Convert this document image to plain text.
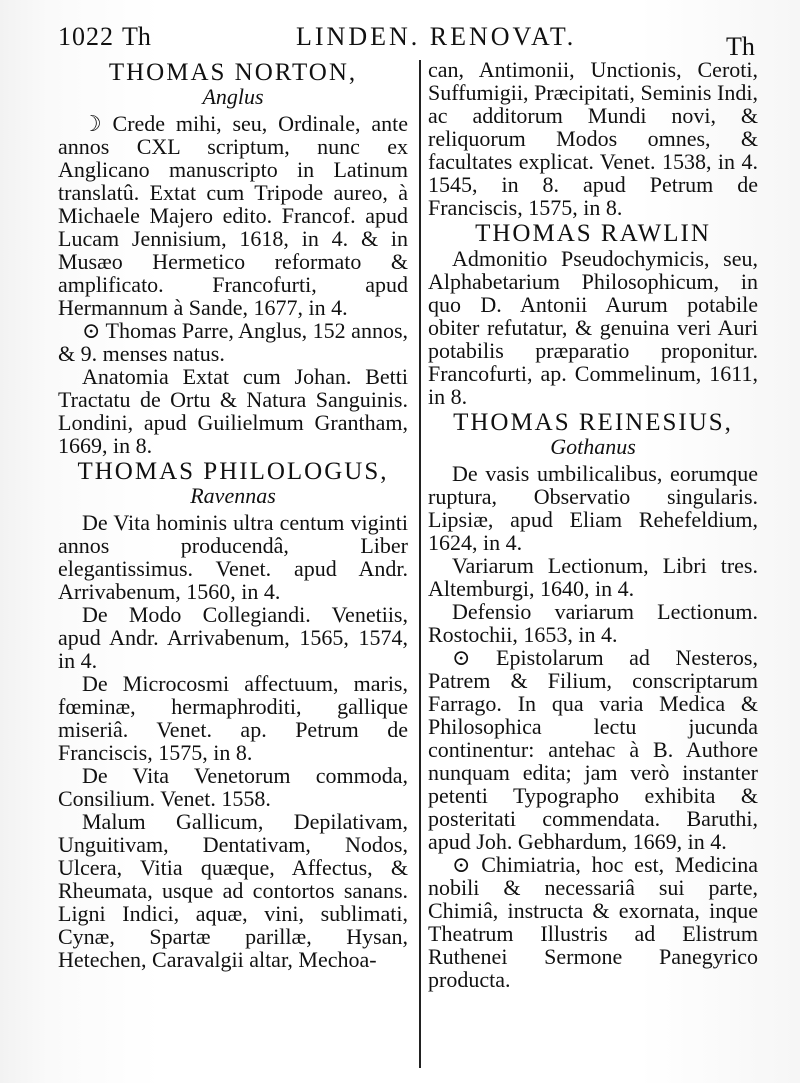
1022 Th	LINDEN. RENOVAT.	Th
THOMAS NORTON,
Anglus

☽ Crede mihi, seu, Ordinale, ante annos CXL scriptum, nunc ex Anglicano manuscripto in Latinum translatû. Extat cum Tripode aureo, à Michaele Majero edito. Francof. apud Lucam Jennisium, 1618, in 4. & in Musæo Hermetico reformato & amplificato. Francofurti, apud Hermannum à Sande, 1677, in 4.

⊙ Thomas Parre, Anglus, 152 annos, & 9. menses natus.

Anatomia Extat cum Johan. Betti Tractatu de Ortu & Natura Sanguinis. Londini, apud Guilielmum Grantham, 1669, in 8.

THOMAS PHILOLOGUS,
Ravennas

De Vita hominis ultra centum viginti annos producendâ, Liber elegantissimus. Venet. apud Andr. Arrivabenum, 1560, in 4.

De Modo Collegiandi. Venetiis, apud Andr. Arrivabenum, 1565, 1574, in 4.

De Microcosmi affectuum, maris, fœminæ, hermaphroditi, gallique miseriâ. Venet. ap. Petrum de Franciscis, 1575, in 8.

De Vita Venetorum commoda, Consilium. Venet. 1558.

Malum Gallicum, Depilativam, Unguitivam, Dentativam, Nodos, Ulcera, Vitia quæque, Affectus, & Rheumata, usque ad contortos sanans. Ligni Indici, aquæ, vini, sublimati, Cynæ, Spartæ parillæ, Hysan, Hetechen, Caravalgii altar, Mechoa-

can, Antimonii, Unctionis, Ceroti, Suffumigii, Præcipitati, Seminis Indi, ac additorum Mundi novi, & reliquorum Modos omnes, & facultates explicat. Venet. 1538, in 4. 1545, in 8. apud Petrum de Franciscis, 1575, in 8.

THOMAS RAWLIN

Admonitio Pseudochymicis, seu, Alphabetarium Philosophicum, in quo D. Antonii Aurum potabile obiter refutatur, & genuina veri Auri potabilis præparatio proponitur. Francofurti, ap. Commelinum, 1611, in 8.

THOMAS REINESIUS,
Gothanus

De vasis umbilicalibus, eorumque ruptura, Observatio singularis. Lipsiæ, apud Eliam Rehefeldium, 1624, in 4.

Variarum Lectionum, Libri tres. Altemburgi, 1640, in 4.

Defensio variarum Lectionum. Rostochii, 1653, in 4.

⊙ Epistolarum ad Nesteros, Patrem & Filium, conscriptarum Farrago. In qua varia Medica & Philosophica lectu jucunda continentur: antehac à B. Authore nunquam edita; jam verò instanter petenti Typographo exhibita & posteritati commendata. Baruthi, apud Joh. Gebhardum, 1669, in 4.

⊙ Chimiatria, hoc est, Medicina nobili & necessariâ sui parte, Chimiâ, instructa & exornata, inque Theatrum Illustris ad Elistrum Ruthenei Sermone Panegyrico producta.
